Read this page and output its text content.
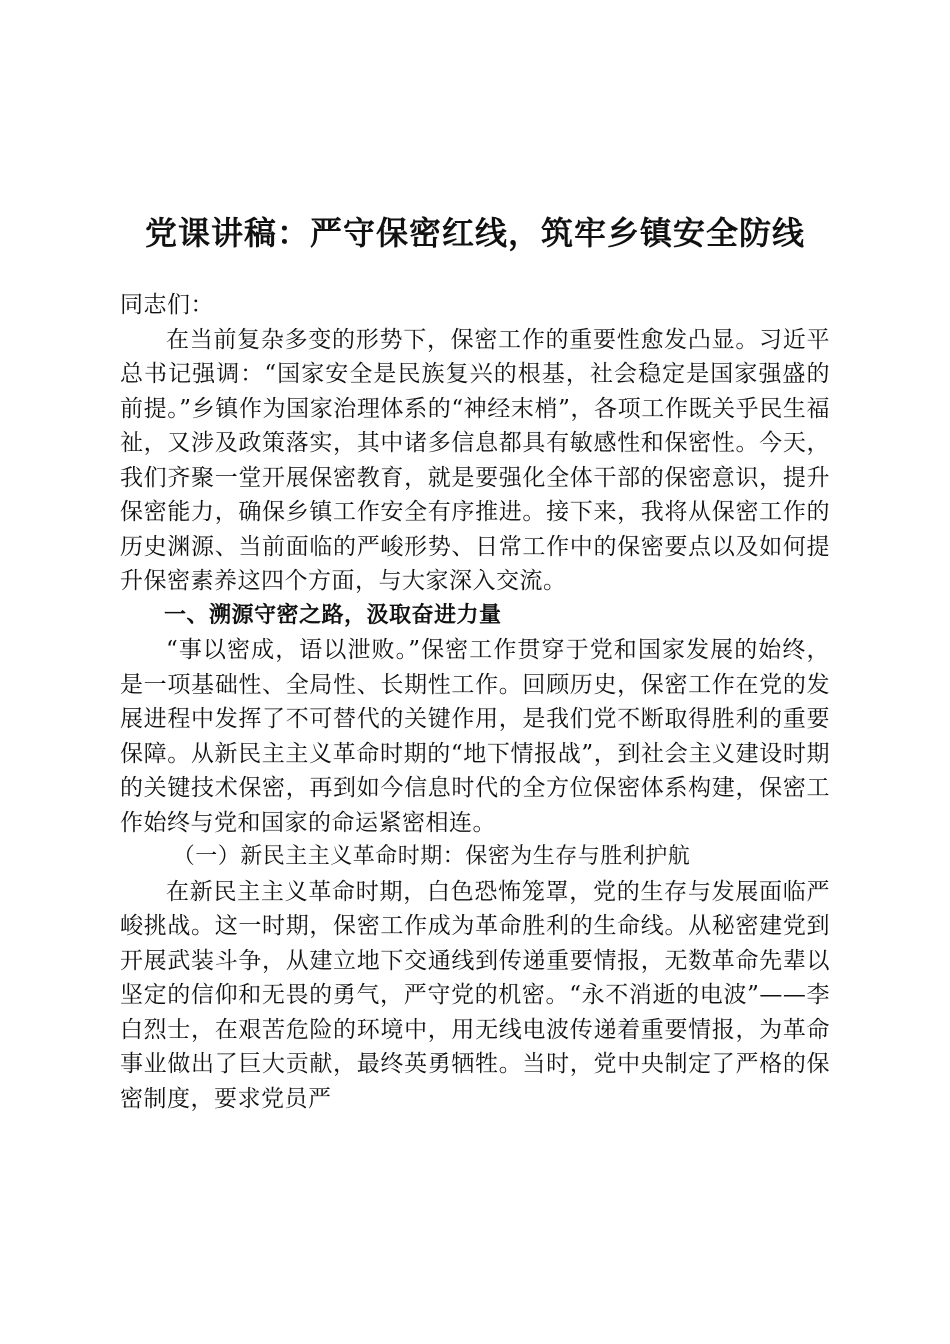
党课讲稿：严守保密红线，筑牢乡镇安全防线

同志们：

在当前复杂多变的形势下，保密工作的重要性愈发凸显。习近平总书记强调：“国家安全是民族复兴的根基，社会稳定是国家强盛的前提。”乡镇作为国家治理体系的“神经末梢”，各项工作既关乎民生福祉，又涉及政策落实，其中诸多信息都具有敏感性和保密性。今天，我们齐聚一堂开展保密教育，就是要强化全体干部的保密意识，提升保密能力，确保乡镇工作安全有序推进。接下来，我将从保密工作的历史渊源、当前面临的严峻形势、日常工作中的保密要点以及如何提升保密素养这四个方面，与大家深入交流。

一、溯源守密之路，汲取奋进力量

“事以密成，语以泄败。”保密工作贯穿于党和国家发展的始终，是一项基础性、全局性、长期性工作。回顾历史，保密工作在党的发展进程中发挥了不可替代的关键作用，是我们党不断取得胜利的重要保障。从新民主主义革命时期的“地下情报战”，到社会主义建设时期的关键技术保密，再到如今信息时代的全方位保密体系构建，保密工作始终与党和国家的命运紧密相连。

（一）新民主主义革命时期：保密为生存与胜利护航

在新民主主义革命时期，白色恐怖笼罩，党的生存与发展面临严峻挑战。这一时期，保密工作成为革命胜利的生命线。从秘密建党到开展武装斗争，从建立地下交通线到传递重要情报，无数革命先辈以坚定的信仰和无畏的勇气，严守党的机密。“永不消逝的电波”——李白烈士，在艰苦危险的环境中，用无线电波传递着重要情报，为革命事业做出了巨大贡献，最终英勇牺牲。当时，党中央制定了严格的保密制度，要求党员严
